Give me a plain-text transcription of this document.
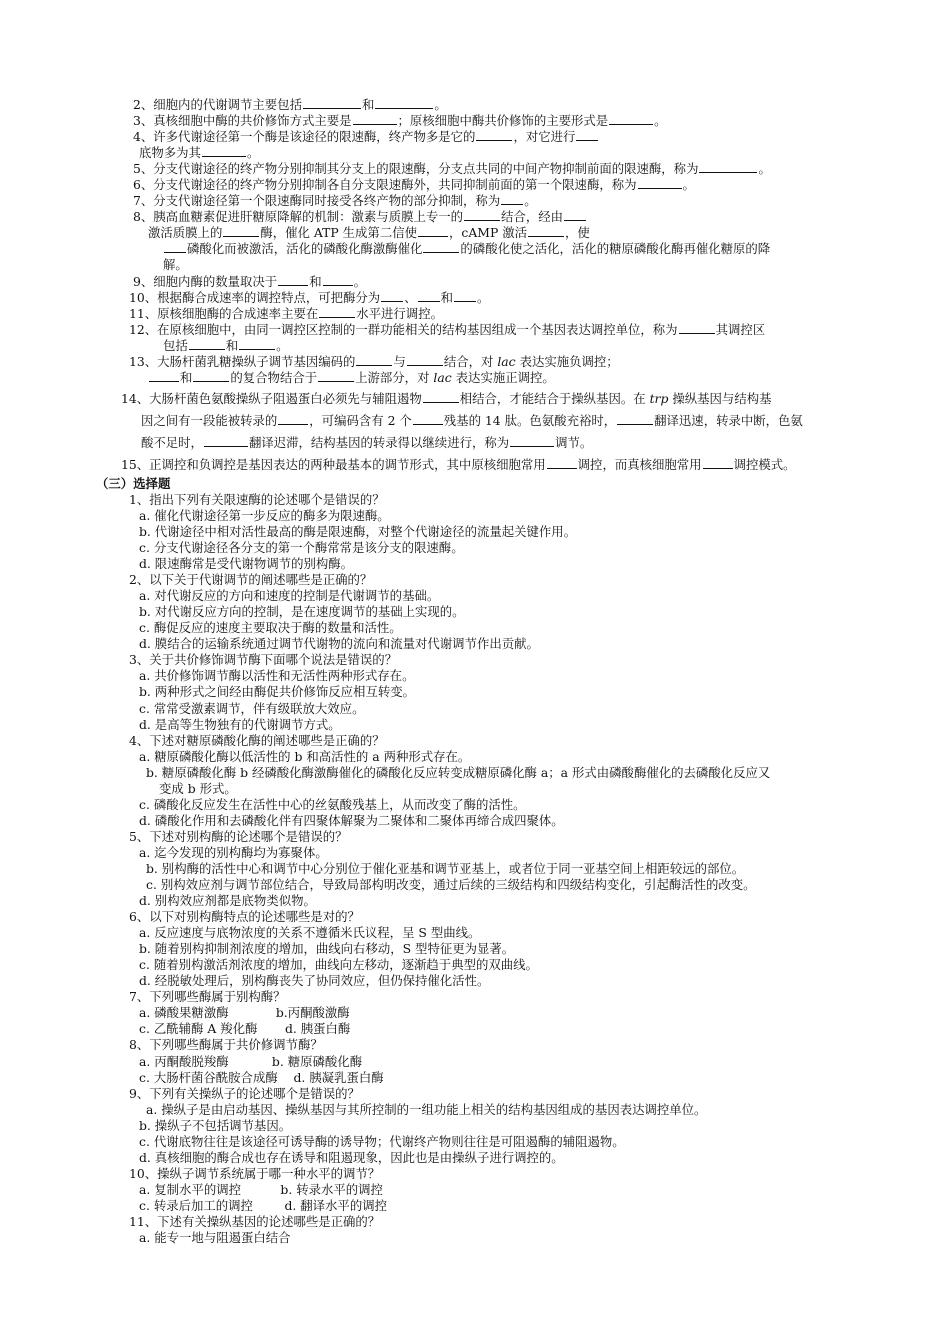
2、细胞内的代谢调节主要包括	和	。
3、真核细胞中酶的共价修饰方式主要是	；原核细胞中酶共价修饰的主要形式是	。
4、许多代谢途径第一个酶是该途径的限速酶，终产物多是它的	，对它进行
底物多为其	。
5、分支代谢途径的终产物分别抑制其分支上的限速酶，分支点共同的中间产物抑制前面的限速酶，称为	。
6、分支代谢途径的终产物分别抑制各自分支限速酶外，共同抑制前面的第一个限速酶，称为	。
7、分支代谢途径第一个限速酶同时接受各终产物的部分抑制，称为 。
8、胰高血糖素促进肝糖原降解的机制：激素与质膜上专一的	结合，经由
激活质膜上的	酶，催化 ATP 生成第二信使	，cAMP 激活	，使
磷酸化而被激活，活化的磷酸化酶激酶催化	的磷酸化使之活化，活化的糖原磷酸化酶再催化糖原的降
解。
9、细胞内酶的数量取决于	和	。
10、根据酶合成速率的调控特点，可把酶分为 、 和 。
11、原核细胞酶的合成速率主要在	水平进行调控。
12、在原核细胞中，由同一调控区控制的一群功能相关的结构基因组成一个基因表达调控单位，称为	其调控区
包括	和	。
13、大肠杆菌乳糖操纵子调节基因编码的	与	结合，对 lac 表达实施负调控；
和	的复合物结合于	上游部分，对 lac 表达实施正调控。
14、大肠杆菌色氨酸操纵子阻遏蛋白必须先与辅阻遏物	相结合，才能结合于操纵基因。在 trp 操纵基因与结构基
因之间有一段能被转录的	，可编码含有 2 个	残基的 14 肽。色氨酸充裕时，	翻译迅速，转录中断，色氨
酸不足时，	翻译迟滞，结构基因的转录得以继续进行，称为	调节。
15、正调控和负调控是基因表达的两种最基本的调节形式，其中原核细胞常用	调控，而真核细胞常用	调控模式。
（三）选择题
1、指出下列有关限速酶的论述哪个是错误的？
a. 催化代谢途径第一步反应的酶多为限速酶。
b. 代谢途径中相对活性最高的酶是限速酶，对整个代谢途径的流量起关键作用。
c. 分支代谢途径各分支的第一个酶常常是该分支的限速酶。
d. 限速酶常是受代谢物调节的别构酶。
2、以下关于代谢调节的阐述哪些是正确的？
a. 对代谢反应的方向和速度的控制是代谢调节的基础。
b. 对代谢反应方向的控制，是在速度调节的基础上实现的。
c. 酶促反应的速度主要取决于酶的数量和活性。
d. 膜结合的运输系统通过调节代谢物的流向和流量对代谢调节作出贡献。
3、关于共价修饰调节酶下面哪个说法是错误的？
a. 共价修饰调节酶以活性和无活性两种形式存在。
b. 两种形式之间经由酶促共价修饰反应相互转变。
c. 常常受激素调节，伴有级联放大效应。
d. 是高等生物独有的代谢调节方式。
4、下述对糖原磷酸化酶的阐述哪些是正确的？
a. 糖原磷酸化酶以低活性的 b 和高活性的 a 两种形式存在。
b. 糖原磷酸化酶 b 经磷酸化酶激酶催化的磷酸化反应转变成糖原磷化酶 a；a 形式由磷酸酶催化的去磷酸化反应又
变成 b 形式。
c. 磷酸化反应发生在活性中心的丝氨酸残基上，从而改变了酶的活性。
d. 磷酸化作用和去磷酸化伴有四聚体解聚为二聚体和二聚体再缔合成四聚体。
5、下述对别构酶的论述哪个是错误的？
a. 迄今发现的别构酶均为寡聚体。
b. 别构酶的活性中心和调节中心分别位于催化亚基和调节亚基上，或者位于同一亚基空间上相距较远的部位。
c. 别构效应剂与调节部位结合，导致局部构明改变，通过后续的三级结构和四级结构变化，引起酶活性的改变。
d. 别构效应剂都是底物类似物。
6、以下对别构酶特点的论述哪些是对的？
a. 反应速度与底物浓度的关系不遵循米氏议程，呈 S 型曲线。
b. 随着别构抑制剂浓度的增加，曲线向右移动，S 型特征更为显著。
c. 随着别构激活剂浓度的增加，曲线向左移动，逐渐趋于典型的双曲线。
d. 经脱敏处理后，别构酶丧失了协同效应，但仍保持催化活性。
7、下列哪些酶属于别构酶？
a. 磷酸果糖激酶            b.丙酮酸激酶
c. 乙酰辅酶 A 羧化酶       d. 胰蛋白酶
8、下列哪些酶属于共价修调节酶？
a. 丙酮酸脱羧酶           b. 糖原磷酸化酶
c. 大肠杆菌谷酰胺合成酶    d. 胰凝乳蛋白酶
9、下列有关操纵子的论述哪个是错误的？
a. 操纵子是由启动基因、操纵基因与其所控制的一组功能上相关的结构基因组成的基因表达调控单位。
b. 操纵子不包括调节基因。
c. 代谢底物往往是该途径可诱导酶的诱导物；代谢终产物则往往是可阻遏酶的辅阻遏物。
d. 真核细胞的酶合成也存在诱导和阻遏现象，因此也是由操纵子进行调控的。
10、操纵子调节系统属于哪一种水平的调节？
a. 复制水平的调控          b. 转录水平的调控
c. 转录后加工的调控        d. 翻译水平的调控
11、下述有关操纵基因的论述哪些是正确的？
a. 能专一地与阻遏蛋白结合
